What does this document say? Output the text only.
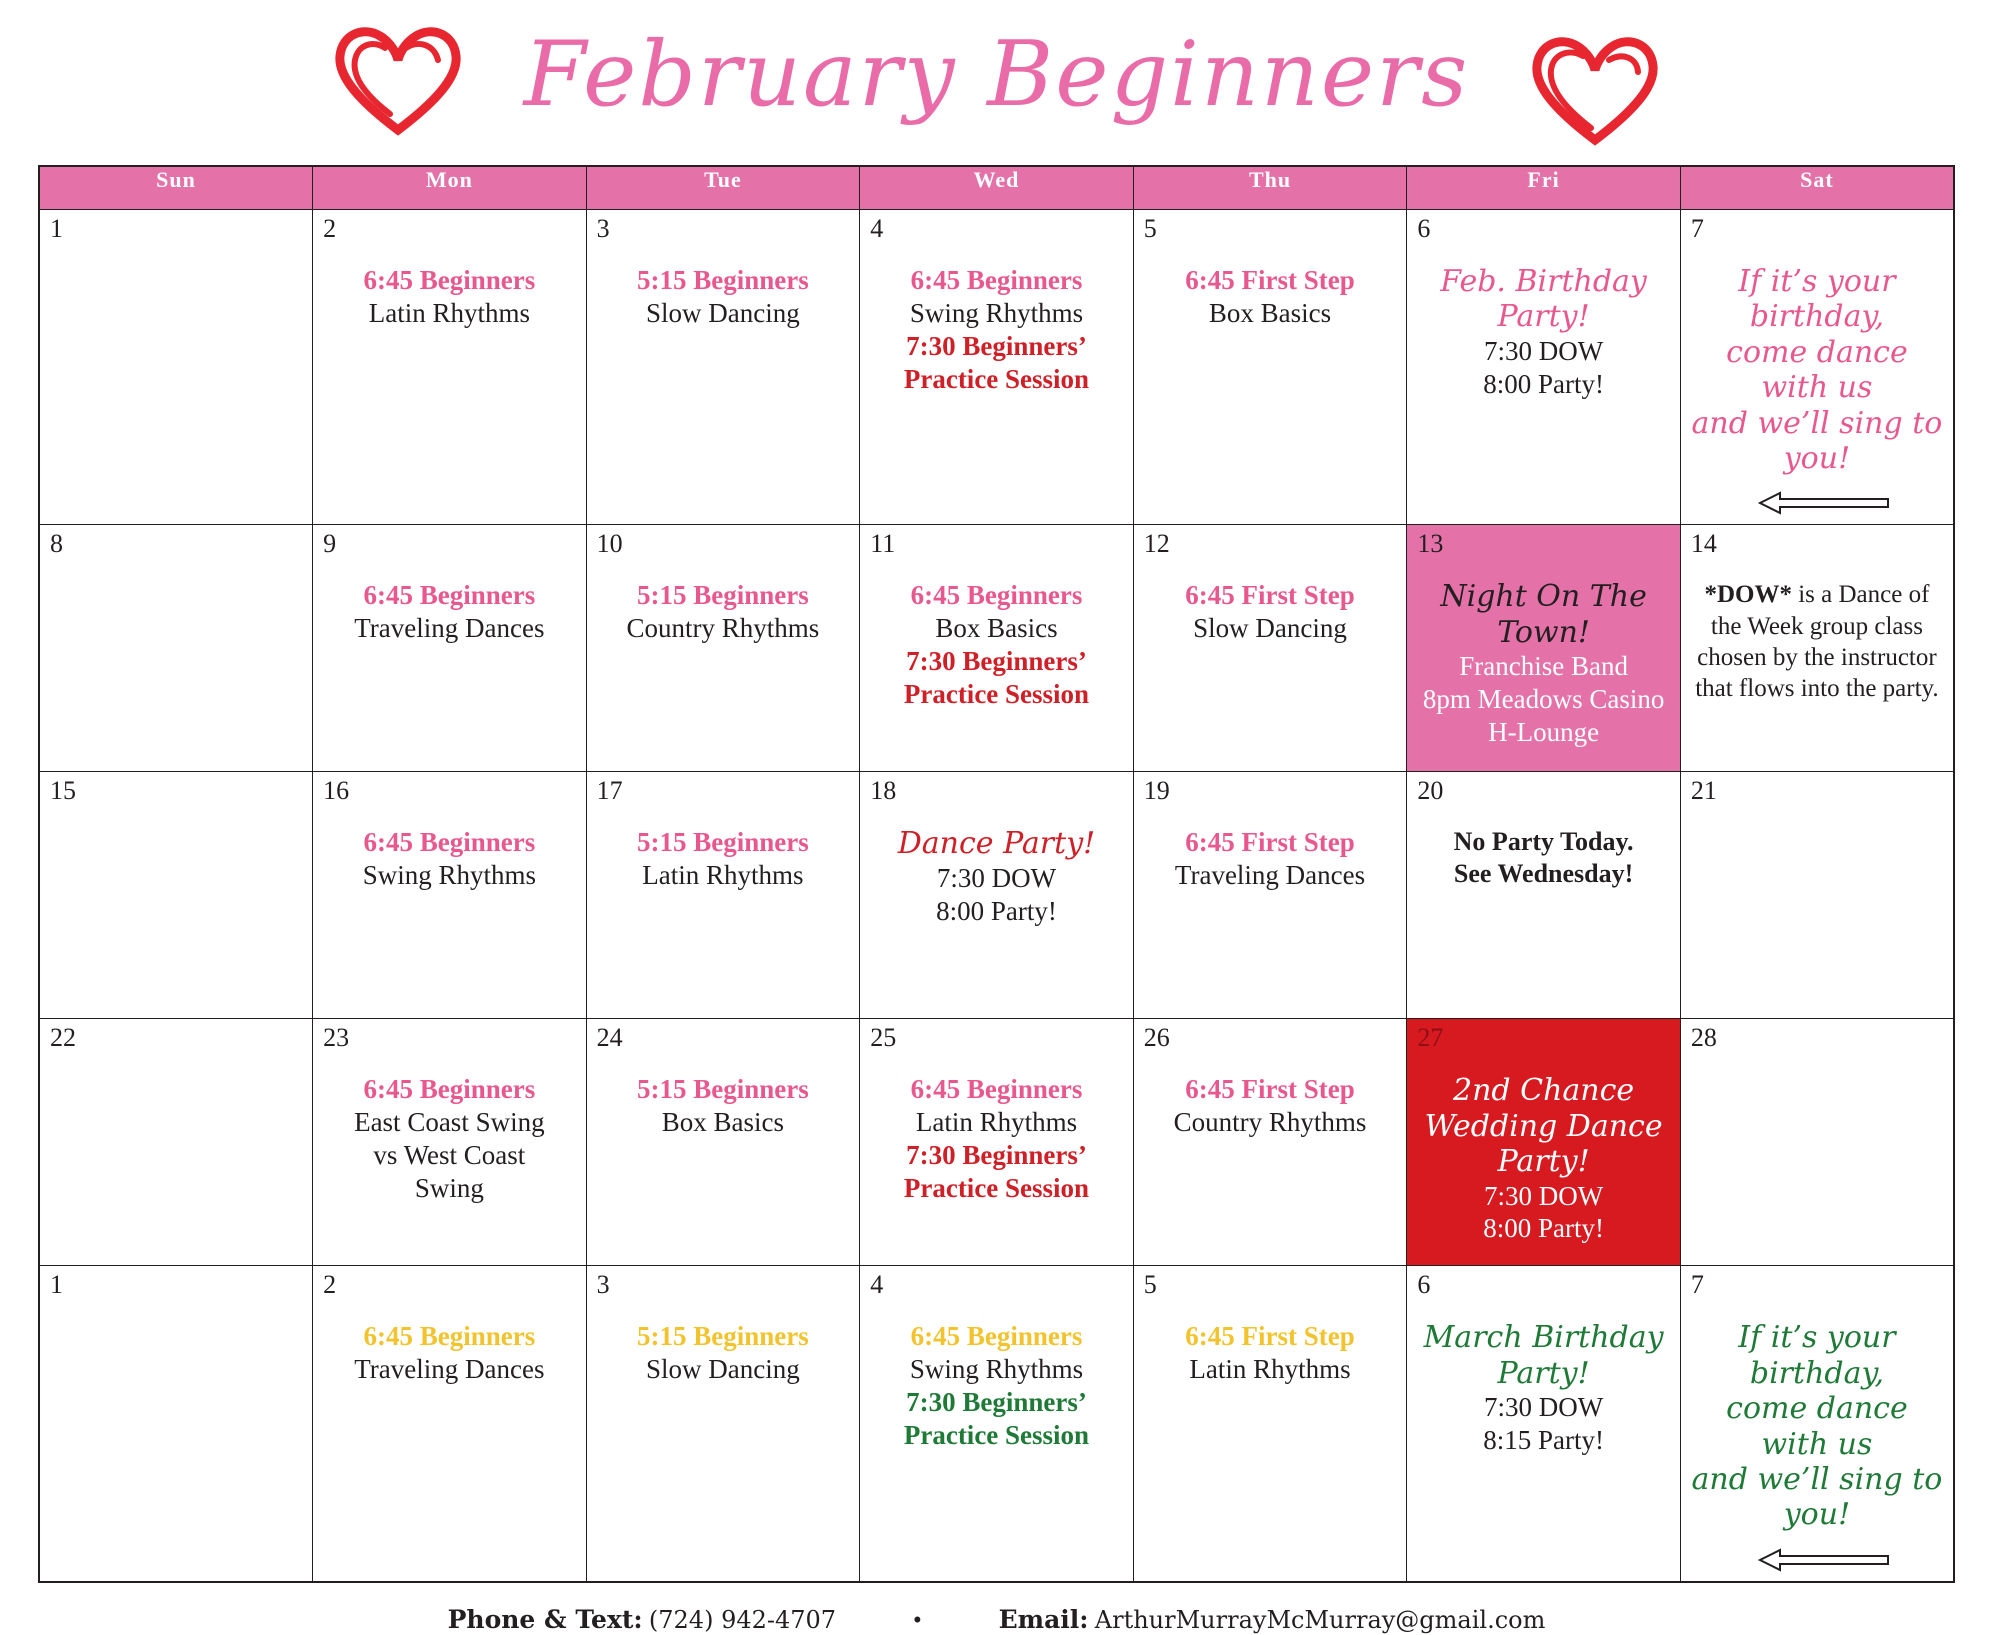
February Beginners
Sun	Mon	Tue	Wed	Thu	Fri	Sat

1	2
6:45 Beginners
Latin Rhythms	3
5:15 Beginners
Slow Dancing	4
6:45 Beginners
Swing Rhythms
7:30 Beginners’
Practice Session	5
6:45 First Step
Box Basics	6
Feb. Birthday
Party!
7:30 DOW
8:00 Party!	7
If it’s your birthday,
come dance with us
and we’ll sing to you!

8	9
6:45 Beginners
Traveling Dances

10
5:15 Beginners
Country Rhythms

11
6:45 Beginners
Box Basics
7:30 Beginners’
Practice Session

12
6:45 First Step
Slow Dancing

13
Night On The
Town!
Franchise Band
8pm Meadows Casino
H-Lounge

14
*DOW* is a Dance of the Week group class chosen by the instructor that flows into the party.

15	16
6:45 Beginners
Swing Rhythms	17
5:15 Beginners
Latin Rhythms	18
Dance Party!
7:30 DOW
8:00 Party!	19
6:45 First Step
Traveling Dances	20
No Party Today.
See Wednesday!	21

22	23
6:45 Beginners
East Coast Swing
vs West Coast
Swing

24
5:15 Beginners
Box Basics

25
6:45 Beginners
Latin Rhythms
7:30 Beginners’
Practice Session

26
6:45 First Step
Country Rhythms

27
2nd Chance
Wedding Dance
Party!
7:30 DOW
8:00 Party!

28

1	2
6:45 Beginners
Traveling Dances	3
5:15 Beginners
Slow Dancing	4
6:45 Beginners
Swing Rhythms
7:30 Beginners’
Practice Session	5
6:45 First Step
Latin Rhythms	6
March Birthday
Party!
7:30 DOW
8:15 Party!	7
If it’s your birthday,
come dance with us
and we’ll sing to you!
Phone & Text: (724) 942-4707	•	Email: ArthurMurrayMcMurray@gmail.com
